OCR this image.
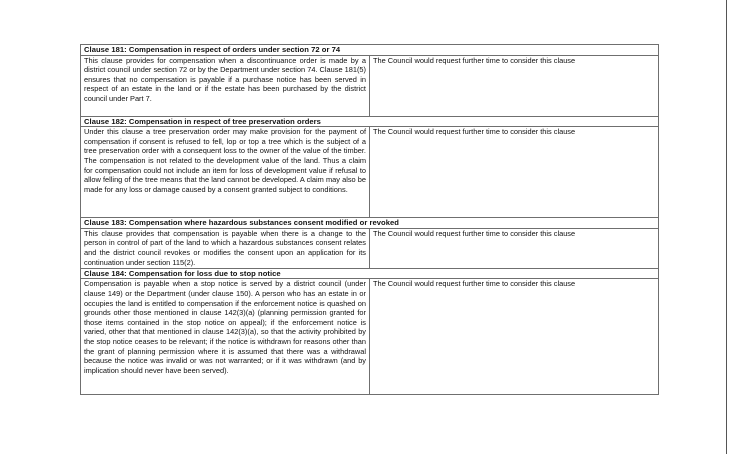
Clause 181: Compensation in respect of orders under section 72 or 74	
This clause provides for compensation when a discontinuance order is made by a district council under section 72 or by the Department under section 74. Clause 181(5) ensures that no compensation is payable if a purchase notice has been served in respect of an estate in the land or if the estate has been purchased by the district council under Part 7.	The Council would request further time to consider this clause
Clause 182: Compensation in respect of tree preservation orders	
Under this clause a tree preservation order may make provision for the payment of compensation if consent is refused to fell, lop or top a tree which is the subject of a tree preservation order with a consequent loss to the owner of the value of the timber. The compensation is not related to the development value of the land. Thus a claim for compensation could not include an item for loss of development value if refusal to allow felling of the tree means that the land cannot be developed. A claim may also be made for any loss or damage caused by a consent granted subject to conditions.	The Council would request further time to consider this clause
Clause 183: Compensation where hazardous substances consent modified or revoked	
This clause provides that compensation is payable when there is a change to the person in control of part of the land to which a hazardous substances consent relates and the district council revokes or modifies the consent upon an application for its continuation under section 115(2).	The Council would request further time to consider this clause
Clause 184: Compensation for loss due to stop notice	
Compensation is payable when a stop notice is served by a district council (under clause 149) or the Department (under clause 150). A person who has an estate in or occupies the land is entitled to compensation if the enforcement notice is quashed on grounds other those mentioned in clause 142(3)(a) (planning permission granted for those items contained in the stop notice on appeal); if the enforcement notice is varied, other that that mentioned in clause 142(3)(a), so that the activity prohibited by the stop notice ceases to be relevant; if the notice is withdrawn for reasons other than the grant of planning permission where it is assumed that there was a withdrawal because the notice was invalid or was not warranted; or if it was withdrawn (and by implication should never have been served).	The Council would request further time to consider this clause
